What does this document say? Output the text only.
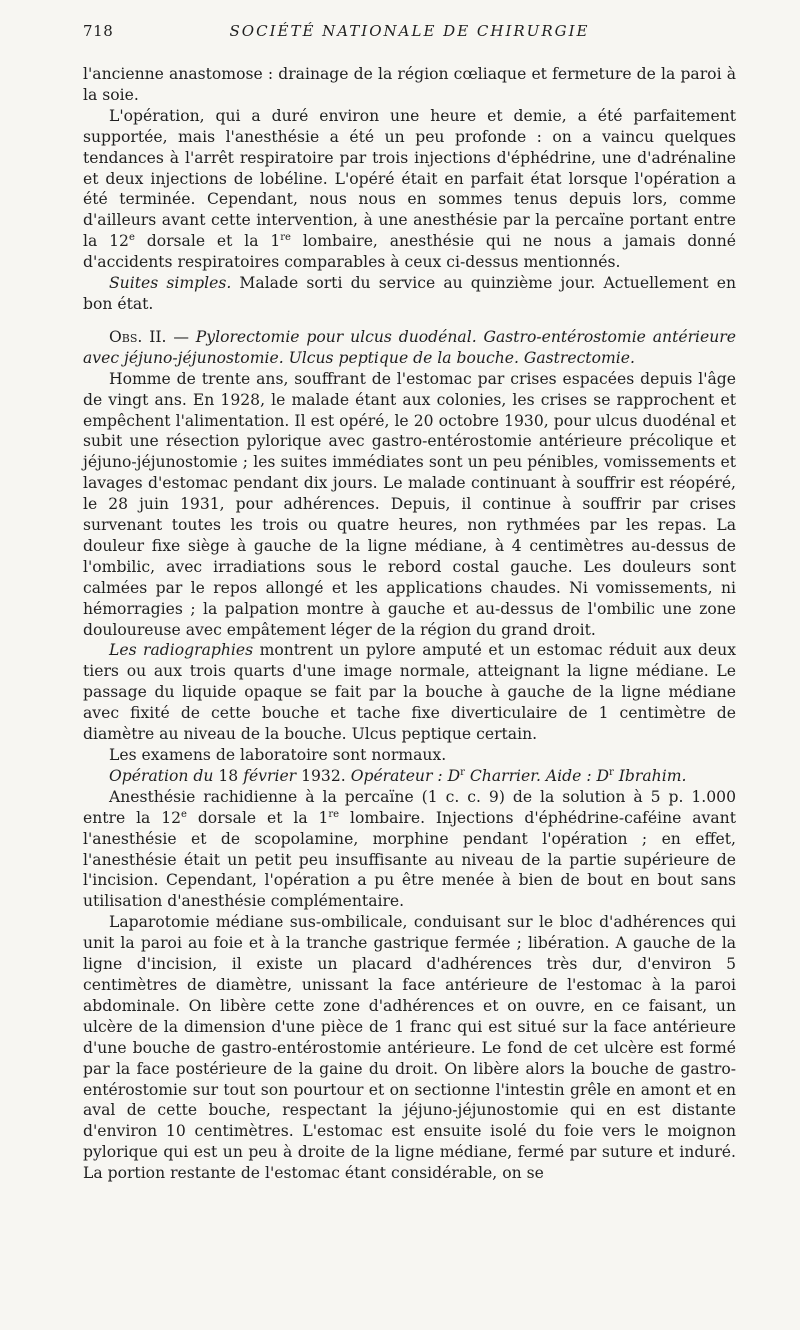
718	SOCIÉTÉ NATIONALE DE CHIRURGIE

l'ancienne anastomose : drainage de la région cœliaque et fermeture de la paroi à la soie.

L'opération, qui a duré environ une heure et demie, a été parfaitement supportée, mais l'anesthésie a été un peu profonde : on a vaincu quelques tendances à l'arrêt respiratoire par trois injections d'éphédrine, une d'adrénaline et deux injections de lobéline. L'opéré était en parfait état lorsque l'opération a été terminée. Cependant, nous nous en sommes tenus depuis lors, comme d'ailleurs avant cette intervention, à une anesthésie par la percaïne portant entre la 12e dorsale et la 1re lombaire, anesthésie qui ne nous a jamais donné d'accidents respiratoires comparables à ceux ci-dessus mentionnés.

Suites simples. Malade sorti du service au quinzième jour. Actuellement en bon état.

Obs. II. — Pylorectomie pour ulcus duodénal. Gastro-entérostomie antérieure avec jéjuno-jéjunostomie. Ulcus peptique de la bouche. Gastrectomie.

Homme de trente ans, souffrant de l'estomac par crises espacées depuis l'âge de vingt ans. En 1928, le malade étant aux colonies, les crises se rapprochent et empêchent l'alimentation. Il est opéré, le 20 octobre 1930, pour ulcus duodénal et subit une résection pylorique avec gastro-entérostomie antérieure précolique et jéjuno-jéjunostomie ; les suites immédiates sont un peu pénibles, vomissements et lavages d'estomac pendant dix jours. Le malade continuant à souffrir est réopéré, le 28 juin 1931, pour adhérences. Depuis, il continue à souffrir par crises survenant toutes les trois ou quatre heures, non rythmées par les repas. La douleur fixe siège à gauche de la ligne médiane, à 4 centimètres au-dessus de l'ombilic, avec irradiations sous le rebord costal gauche. Les douleurs sont calmées par le repos allongé et les applications chaudes. Ni vomissements, ni hémorragies ; la palpation montre à gauche et au-dessus de l'ombilic une zone douloureuse avec empâtement léger de la région du grand droit.

Les radiographies montrent un pylore amputé et un estomac réduit aux deux tiers ou aux trois quarts d'une image normale, atteignant la ligne médiane. Le passage du liquide opaque se fait par la bouche à gauche de la ligne médiane avec fixité de cette bouche et tache fixe diverticulaire de 1 centimètre de diamètre au niveau de la bouche. Ulcus peptique certain.

Les examens de laboratoire sont normaux.

Opération du 18 février 1932. Opérateur : $D^r$ Charrier. Aide : $D^r$ Ibrahim.

Anesthésie rachidienne à la percaïne (1 c. c. 9) de la solution à 5 p. 1.000 entre la 12e dorsale et la 1re lombaire. Injections d'éphédrine-caféine avant l'anesthésie et de scopolamine, morphine pendant l'opération ; en effet, l'anesthésie était un petit peu insuffisante au niveau de la partie supérieure de l'incision. Cependant, l'opération a pu être menée à bien de bout en bout sans utilisation d'anesthésie complémentaire.

Laparotomie médiane sus-ombilicale, conduisant sur le bloc d'adhérences qui unit la paroi au foie et à la tranche gastrique fermée ; libération. A gauche de la ligne d'incision, il existe un placard d'adhérences très dur, d'environ 5 centimètres de diamètre, unissant la face antérieure de l'estomac à la paroi abdominale. On libère cette zone d'adhérences et on ouvre, en ce faisant, un ulcère de la dimension d'une pièce de 1 franc qui est situé sur la face antérieure d'une bouche de gastro-entérostomie antérieure. Le fond de cet ulcère est formé par la face postérieure de la gaine du droit. On libère alors la bouche de gastro-entérostomie sur tout son pourtour et on sectionne l'intestin grêle en amont et en aval de cette bouche, respectant la jéjuno-jéjunostomie qui en est distante d'environ 10 centimètres. L'estomac est ensuite isolé du foie vers le moignon pylorique qui est un peu à droite de la ligne médiane, fermé par suture et induré. La portion restante de l'estomac étant considérable, on se
